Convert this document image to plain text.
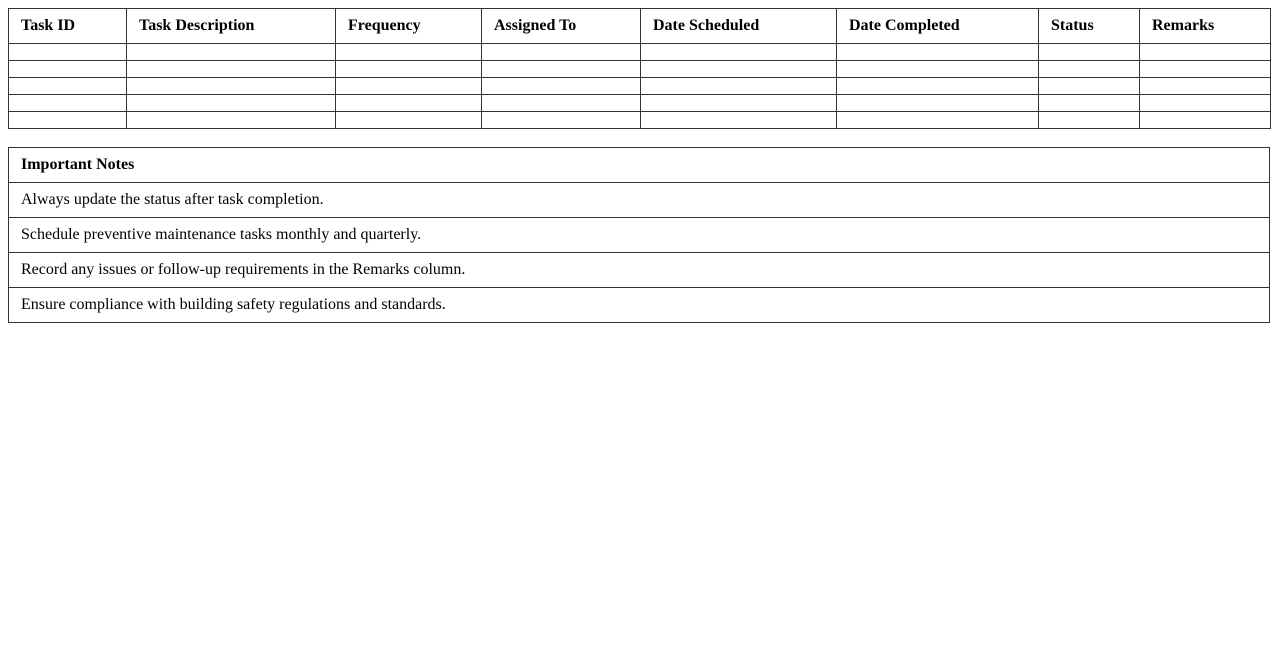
Task ID	Task Description	Frequency	Assigned To	Date Scheduled	Date Completed	Status	Remarks

Important Notes
Always update the status after task completion.
Schedule preventive maintenance tasks monthly and quarterly.
Record any issues or follow-up requirements in the Remarks column.
Ensure compliance with building safety regulations and standards.
